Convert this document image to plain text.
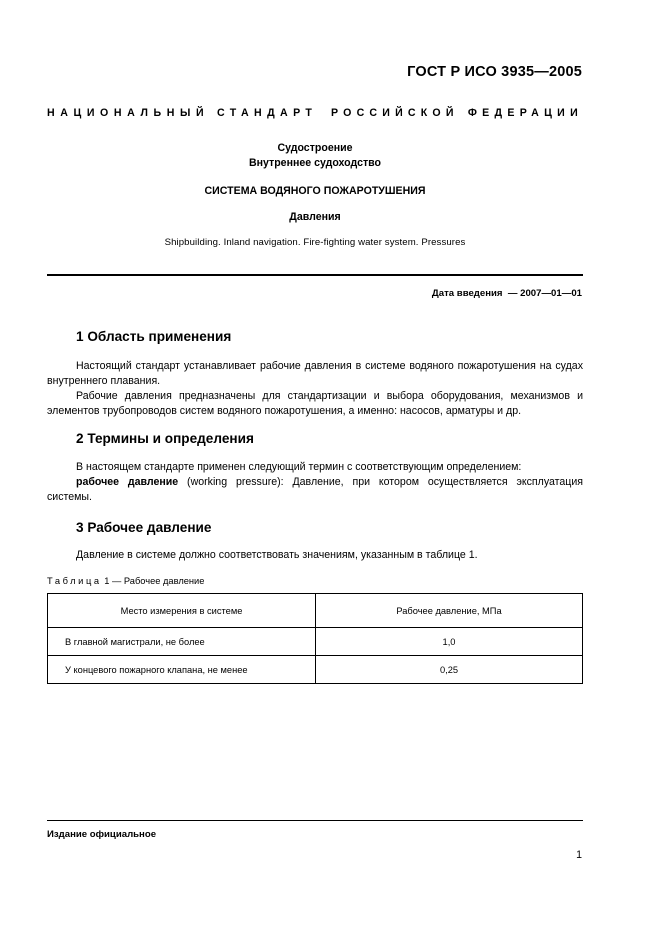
ГОСТ Р ИСО 3935—2005
НАЦИОНАЛЬНЫЙ СТАНДАРТ РОССИЙСКОЙ ФЕДЕРАЦИИ
Судостроение
Внутреннее судоходство
СИСТЕМА ВОДЯНОГО ПОЖАРОТУШЕНИЯ
Давления
Shipbuilding. Inland navigation. Fire-fighting water system. Pressures
Дата введения — 2007—01—01
1 Область применения

Настоящий стандарт устанавливает рабочие давления в системе водяного пожаротушения на судах внутреннего плавания.

Рабочие давления предназначены для стандартизации и выбора оборудования, механизмов и элементов трубопроводов систем водяного пожаротушения, а именно: насосов, арматуры и др.

2 Термины и определения

В настоящем стандарте применен следующий термин с соответствующим определением:

рабочее давление (working pressure): Давление, при котором осуществляется эксплуатация системы.

3 Рабочее давление

Давление в системе должно соответствовать значениям, указанным в таблице 1.

Таблица 1 — Рабочее давление
Место измерения в системе	Рабочее давление, МПа
В главной магистрали, не более	1,0
У концевого пожарного клапана, не менее	0,25
Издание официальное
1
